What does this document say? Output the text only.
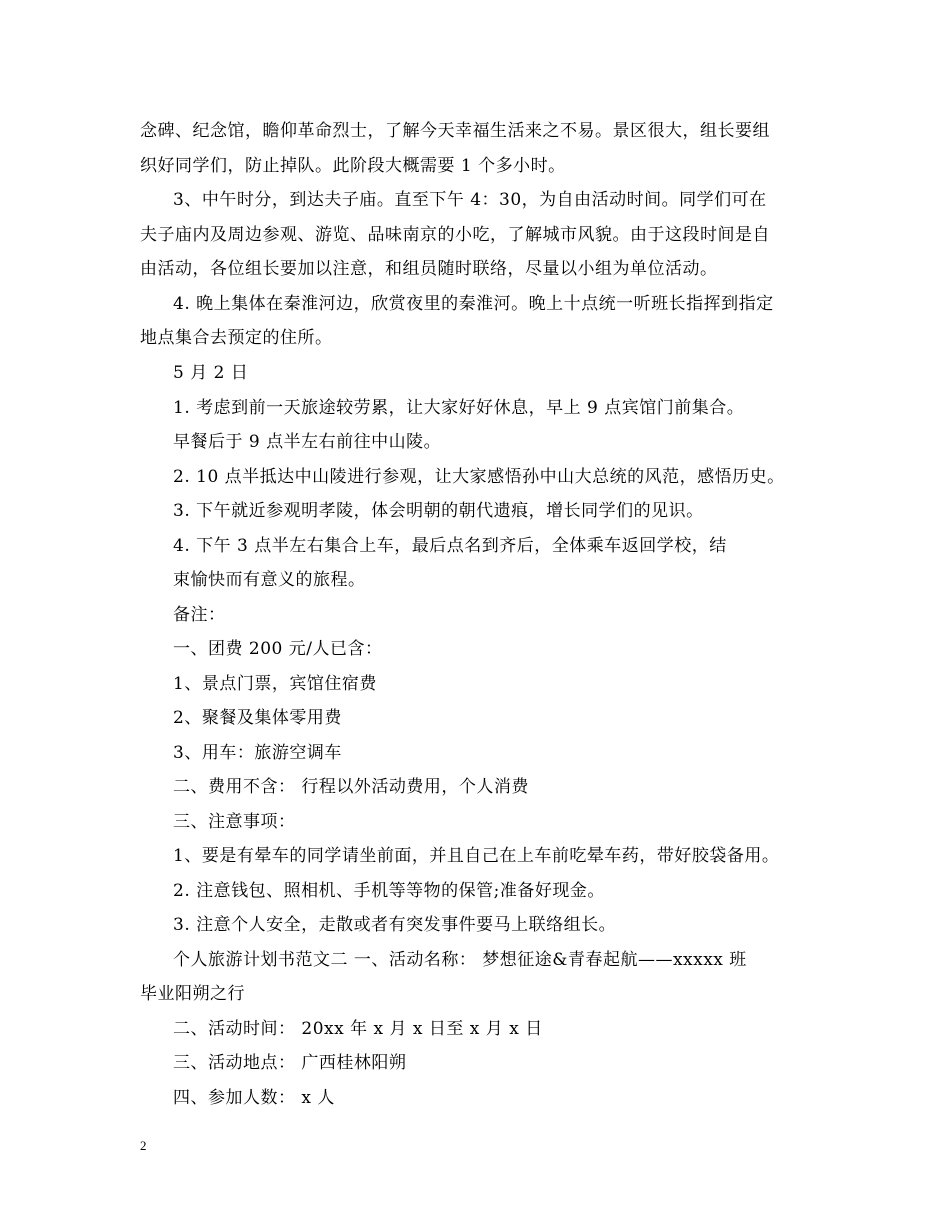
念碑、纪念馆，瞻仰革命烈士，了解今天幸福生活来之不易。景区很大，组长要组
织好同学们，防止掉队。此阶段大概需要 1 个多小时。
3、中午时分，到达夫子庙。直至下午 4：30，为自由活动时间。同学们可在
夫子庙内及周边参观、游览、品味南京的小吃，了解城市风貌。由于这段时间是自
由活动，各位组长要加以注意，和组员随时联络，尽量以小组为单位活动。
4. 晚上集体在秦淮河边，欣赏夜里的秦淮河。晚上十点统一听班长指挥到指定
地点集合去预定的住所。
5 月 2 日
1. 考虑到前一天旅途较劳累，让大家好好休息，早上 9 点宾馆门前集合。
早餐后于 9 点半左右前往中山陵。
2. 10 点半抵达中山陵进行参观，让大家感悟孙中山大总统的风范，感悟历史。
3. 下午就近参观明孝陵，体会明朝的朝代遗痕，增长同学们的见识。
4. 下午 3 点半左右集合上车，最后点名到齐后，全体乘车返回学校，结
束愉快而有意义的旅程。
备注：
一、团费 200 元/人已含：
1、景点门票，宾馆住宿费
2、聚餐及集体零用费
3、用车：旅游空调车
二、费用不含： 行程以外活动费用，个人消费
三、注意事项：
1、要是有晕车的同学请坐前面，并且自己在上车前吃晕车药，带好胶袋备用。
2. 注意钱包、照相机、手机等等物的保管;准备好现金。
3. 注意个人安全，走散或者有突发事件要马上联络组长。
个人旅游计划书范文二 一、活动名称： 梦想征途&青春起航——xxxxx 班
毕业阳朔之行
二、活动时间： 20xx 年 x 月 x 日至 x 月 x 日
三、活动地点： 广西桂林阳朔
四、参加人数： x 人
2
